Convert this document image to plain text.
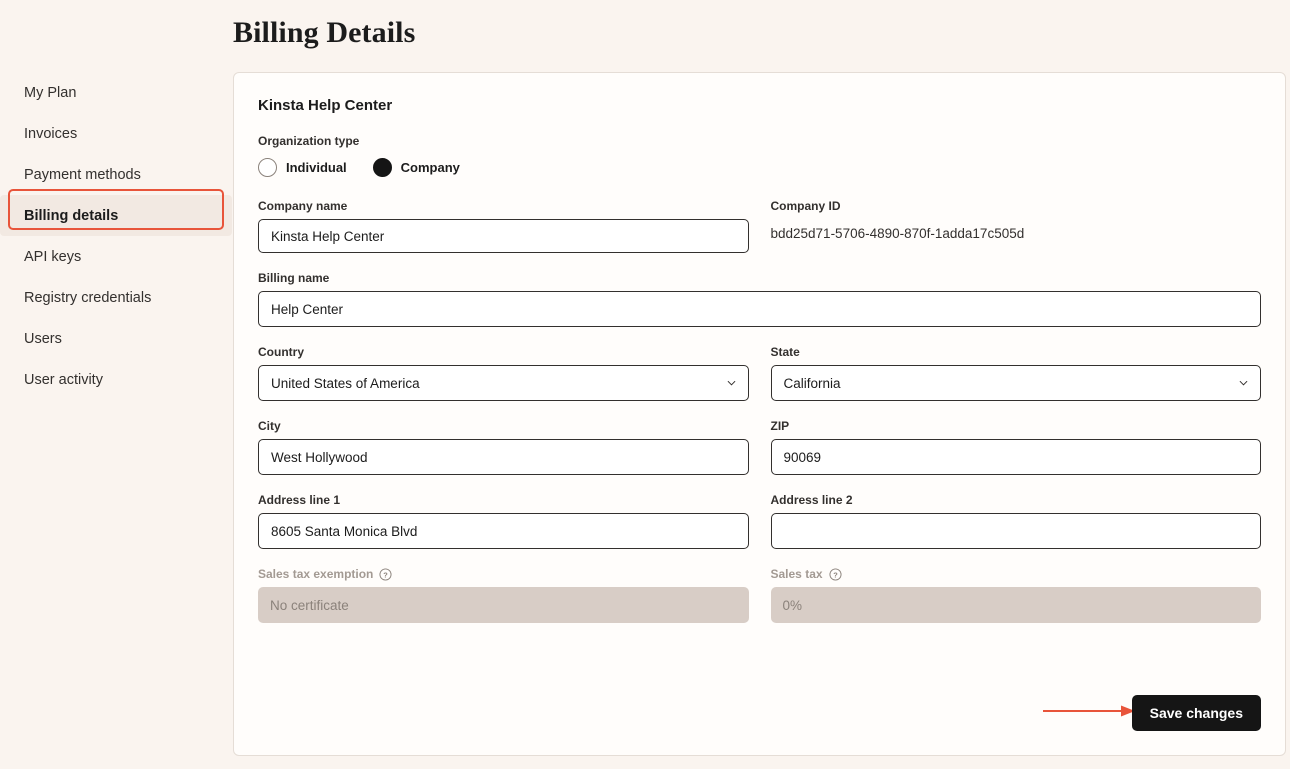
My Plan
Invoices
Payment methods
Billing details
API keys
Registry credentials
Users
User activity
Billing Details
Kinsta Help Center
Organization type
Individual	Company
Company name
Kinsta Help Center
Company ID
bdd25d71-5706-4890-870f-1adda17c505d
Billing name
Help Center
Country
United States of America
State
California
City
West Hollywood
ZIP
90069
Address line 1
8605 Santa Monica Blvd
Address line 2
Sales tax exemption ?
No certificate
Sales tax ?
0%
Save changes
